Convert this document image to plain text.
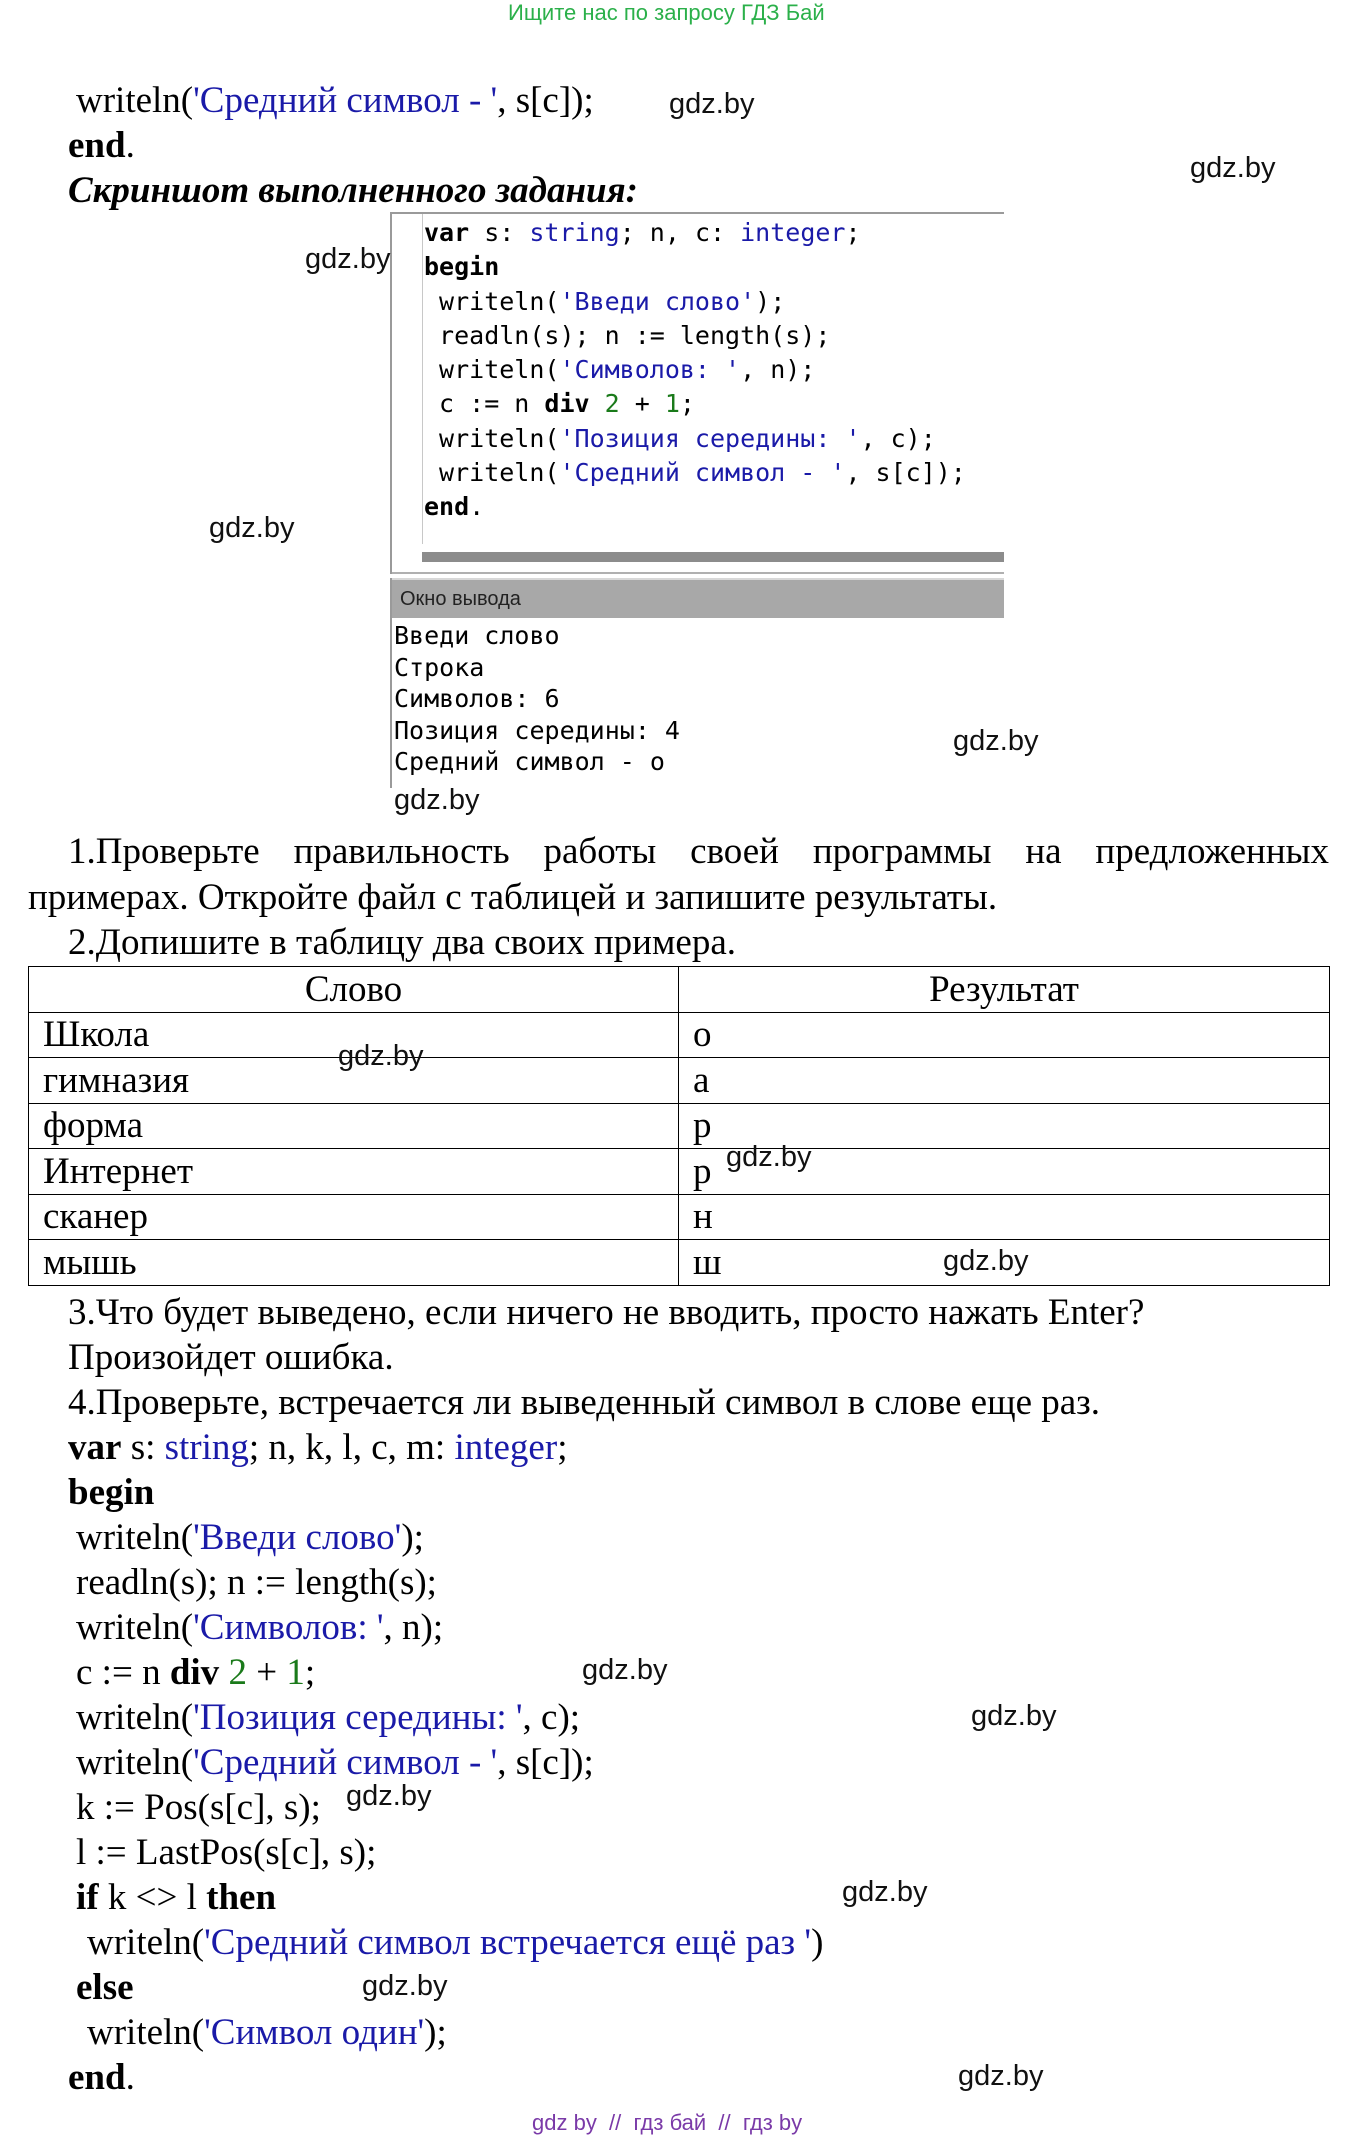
Ищите нас по запросу ГДЗ Бай
writeln('Средний символ - ', s[c]);
end.
Скриншот выполненного задания:
var s: string; n, c: integer;
begin
writeln('Введи слово');
readln(s); n := length(s);
writeln('Символов: ', n);
c := n div 2 + 1;
writeln('Позиция середины: ', c);
writeln('Средний символ - ', s[c]);
end.
Окно вывода
Введи слово
Строка
Символов: 6
Позиция середины: 4
Средний символ - о
1.Проверьте правильность работы своей программы на предложенных
примерах. Откройте файл с таблицей и запишите результаты.
2.Допишите в таблицу два своих примера.
Слово	Результат
Школа	о
гимназия	а
форма	р
Интернет	р
сканер	н
мышь	ш
3.Что будет выведено, если ничего не вводить, просто нажать Enter?
Произойдет ошибка.
4.Проверьте, встречается ли выведенный символ в слове еще раз.
var s: string; n, k, l, c, m: integer;
begin
writeln('Введи слово');
readln(s); n := length(s);
writeln('Символов: ', n);
c := n div 2 + 1;
writeln('Позиция середины: ', c);
writeln('Средний символ - ', s[c]);
k := Pos(s[c], s);
l := LastPos(s[c], s);
if k <> l then
writeln('Средний символ встречается ещё раз ')
else
writeln('Символ один');
end.
gdz.by
gdz.by
gdz.by
gdz.by
gdz.by
gdz.by
gdz.by
gdz.by
gdz.by
gdz.by
gdz.by
gdz.by
gdz.by
gdz.by
gdz.by
gdz by  //  гдз бай  //  гдз by
